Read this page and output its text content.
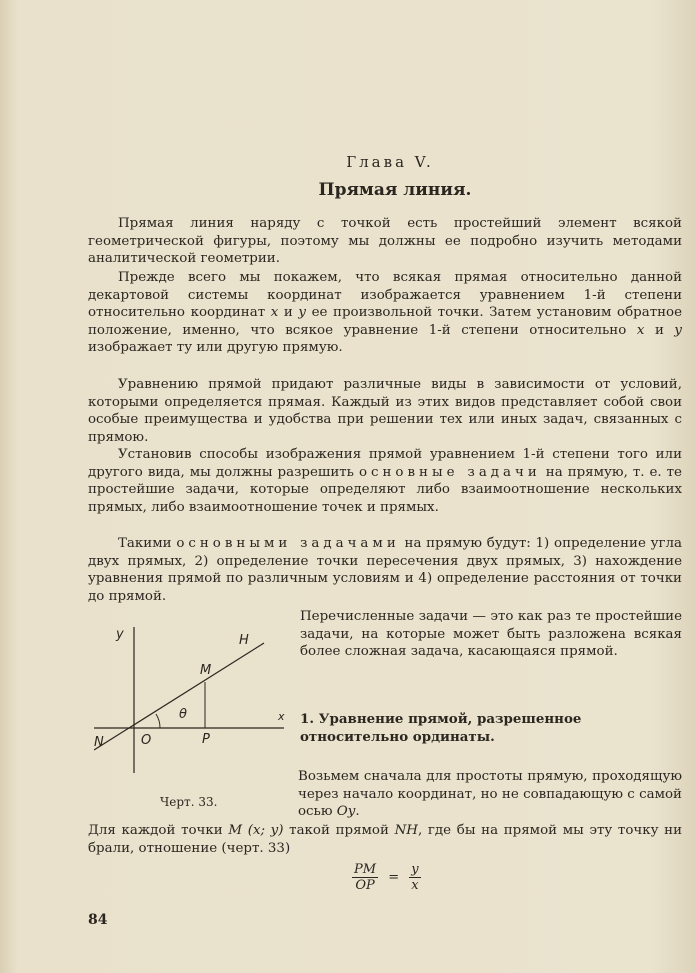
Глава V.
Прямая линия.
Прямая линия наряду с точкой есть простейший элемент всякой геометрической фигуры, поэтому мы должны ее подробно изучить методами аналитической геометрии.
Прежде всего мы покажем, что всякая прямая относительно данной декартовой системы координат изображается уравнением 1-й степени относительно координат x и y ее произвольной точки. Затем установим обратное положение, именно, что всякое уравнение 1-й степени относительно x и y изображает ту или другую прямую.
Уравнению прямой придают различные виды в зависимости от условий, которыми определяется прямая. Каждый из этих видов представляет собой свои особые преимущества и удобства при решении тех или иных задач, связанных с прямою.
Установив способы изображения прямой уравнением 1-й степени того или другого вида, мы должны разрешить основные задачи на прямую, т. е. те простейшие задачи, которые определяют либо взаимоотношение нескольких прямых, либо взаимоотношение точек и прямых.
Такими основными задачами на прямую будут: 1) определение угла двух прямых, 2) определение точки пересечения двух прямых, 3) нахождение уравнения прямой по различным условиям и 4) определение расстояния от точки до прямой.
Перечисленные задачи — это как раз те простейшие задачи, на которые может быть разложена всякая более сложная задача, касающаяся прямой.
y	H
M
θ	x
N	O	P
Черт. 33.
1. Уравнение прямой, разрешенное относительно ординаты.
Возьмем сначала для простоты прямую, проходящую через начало координат, но не совпадающую с самой осью Oy.
Для каждой точки M (x; y) такой прямой NH, где бы на прямой мы эту точку ни брали, отношение (черт. 33)
$\frac{PM}{OP} = \frac{y}{x}$
84
